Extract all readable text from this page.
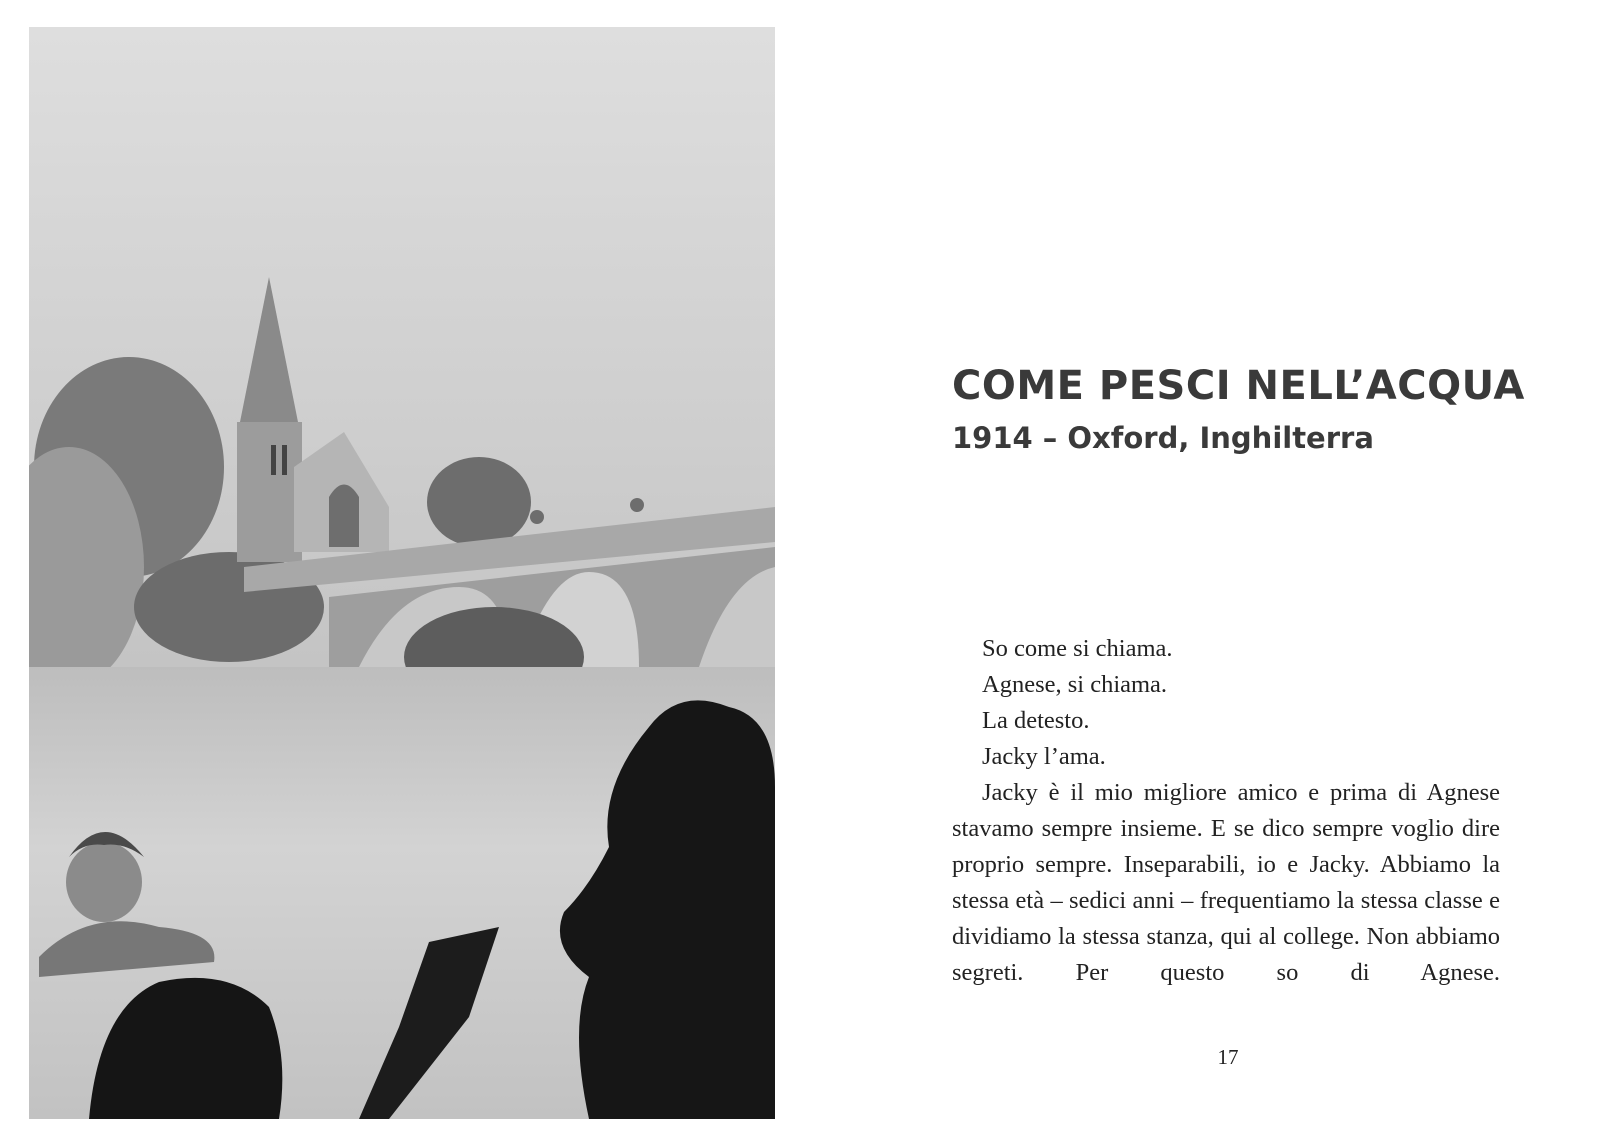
COME PESCI NELL’ACQUA
1914 – Oxford, Inghilterra

So come si chiama.

Agnese, si chiama.

La detesto.

Jacky l’ama.

Jacky è il mio migliore amico e prima di Agnese stavamo sempre insieme. E se dico sempre voglio dire proprio sempre. Inseparabili, io e Jacky. Abbiamo la stessa età – sedici anni – frequentiamo la stessa classe e dividiamo la stessa stanza, qui al college. Non abbiamo segreti. Per questo so di Agnese.

17
